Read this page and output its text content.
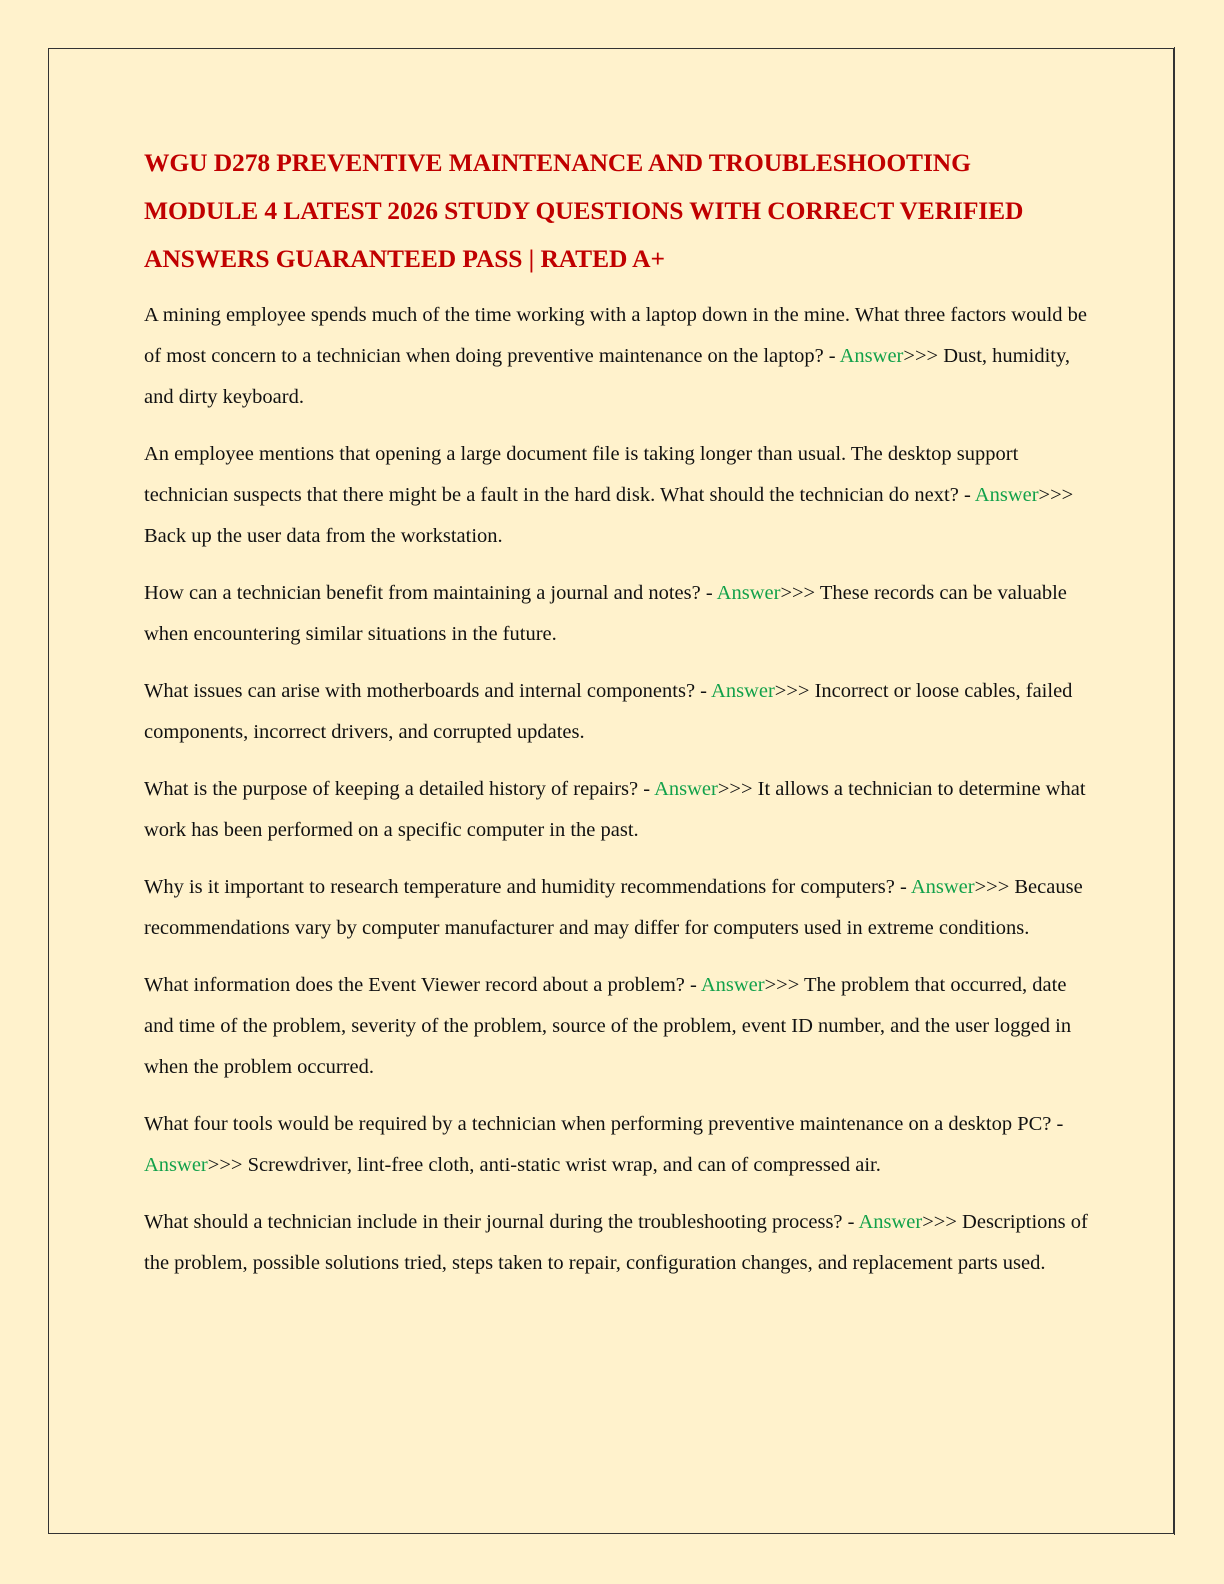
WGU D278 PREVENTIVE MAINTENANCE AND TROUBLESHOOTING MODULE 4 LATEST 2026 STUDY QUESTIONS WITH CORRECT VERIFIED ANSWERS GUARANTEED PASS | RATED A+

A mining employee spends much of the time working with a laptop down in the mine. What three factors would be of most concern to a technician when doing preventive maintenance on the laptop? - Answer>>> Dust, humidity, and dirty keyboard.

An employee mentions that opening a large document file is taking longer than usual. The desktop support technician suspects that there might be a fault in the hard disk. What should the technician do next? - Answer>>> Back up the user data from the workstation.

How can a technician benefit from maintaining a journal and notes? - Answer>>> These records can be valuable when encountering similar situations in the future.

What issues can arise with motherboards and internal components? - Answer>>> Incorrect or loose cables, failed components, incorrect drivers, and corrupted updates.

What is the purpose of keeping a detailed history of repairs? - Answer>>> It allows a technician to determine what work has been performed on a specific computer in the past.

Why is it important to research temperature and humidity recommendations for computers? - Answer>>> Because recommendations vary by computer manufacturer and may differ for computers used in extreme conditions.

What information does the Event Viewer record about a problem? - Answer>>> The problem that occurred, date and time of the problem, severity of the problem, source of the problem, event ID number, and the user logged in when the problem occurred.

What four tools would be required by a technician when performing preventive maintenance on a desktop PC? - Answer>>> Screwdriver, lint-free cloth, anti-static wrist wrap, and can of compressed air.

What should a technician include in their journal during the troubleshooting process? - Answer>>> Descriptions of the problem, possible solutions tried, steps taken to repair, configuration changes, and replacement parts used.
